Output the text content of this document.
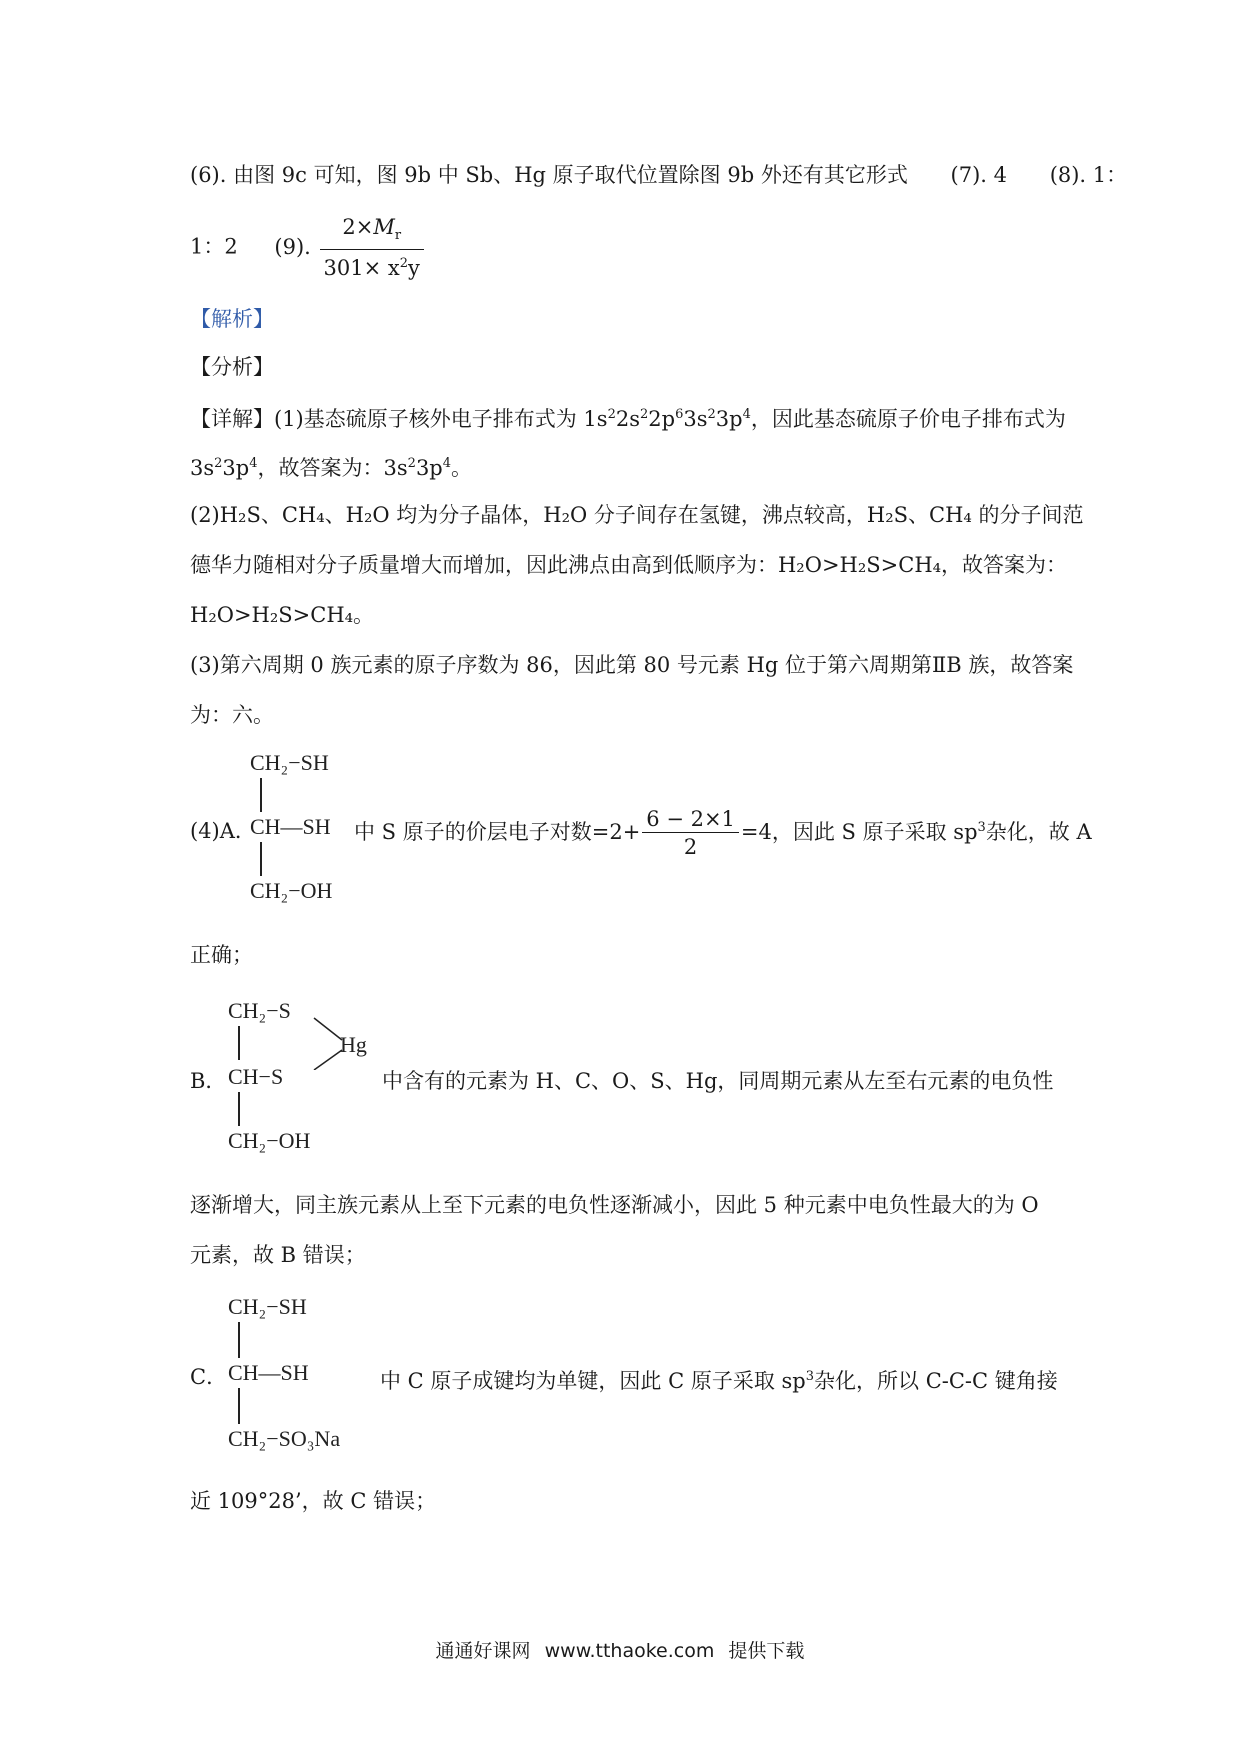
(6). 由图 9c 可知，图 9b 中 Sb、Hg 原子取代位置除图 9b 外还有其它形式 (7). 4 (8). 1：
1：2 (9). $\frac{2\times M_r}{301\times x^2y}$
【解析】
【分析】
【详解】(1)基态硫原子核外电子排布式为 $1s^22s^22p^63s^23p^4$，因此基态硫原子价电子排布式为
$3s^23p^4$，故答案为：$3s^23p^4$。
(2)H₂S、CH₄、H₂O 均为分子晶体，H₂O 分子间存在氢键，沸点较高，H₂S、CH₄ 的分子间范
德华力随相对分子质量增大而增加，因此沸点由高到低顺序为：H₂O>H₂S>CH₄，故答案为：
H₂O>H₂S>CH₄。
(3)第六周期 0 族元素的原子序数为 86，因此第 80 号元素 Hg 位于第六周期第ⅡB 族，故答案
为：六。
CH₂−SH
CH—SH
CH₂−OH
(4)A．	中 S 原子的价层电子对数$=2+ \frac{6 - 2\times 1}{2} =4$，因此 S 原子采取 $sp^3$杂化，故 A
正确；
CH₂−S
Hg
CH−S
CH₂−OH
B．	中含有的元素为 H、C、O、S、Hg，同周期元素从左至右元素的电负性
逐渐增大，同主族元素从上至下元素的电负性逐渐减小，因此 5 种元素中电负性最大的为 O
元素，故 B 错误；
CH₂−SH
CH—SH
CH₂−SO₃Na
C．	中 C 原子成键均为单键，因此 C 原子采取 $sp^3$杂化，所以 C-C-C 键角接
近 109°28’，故 C 错误；
通通好课网 www.tthaoke.com 提供下载
